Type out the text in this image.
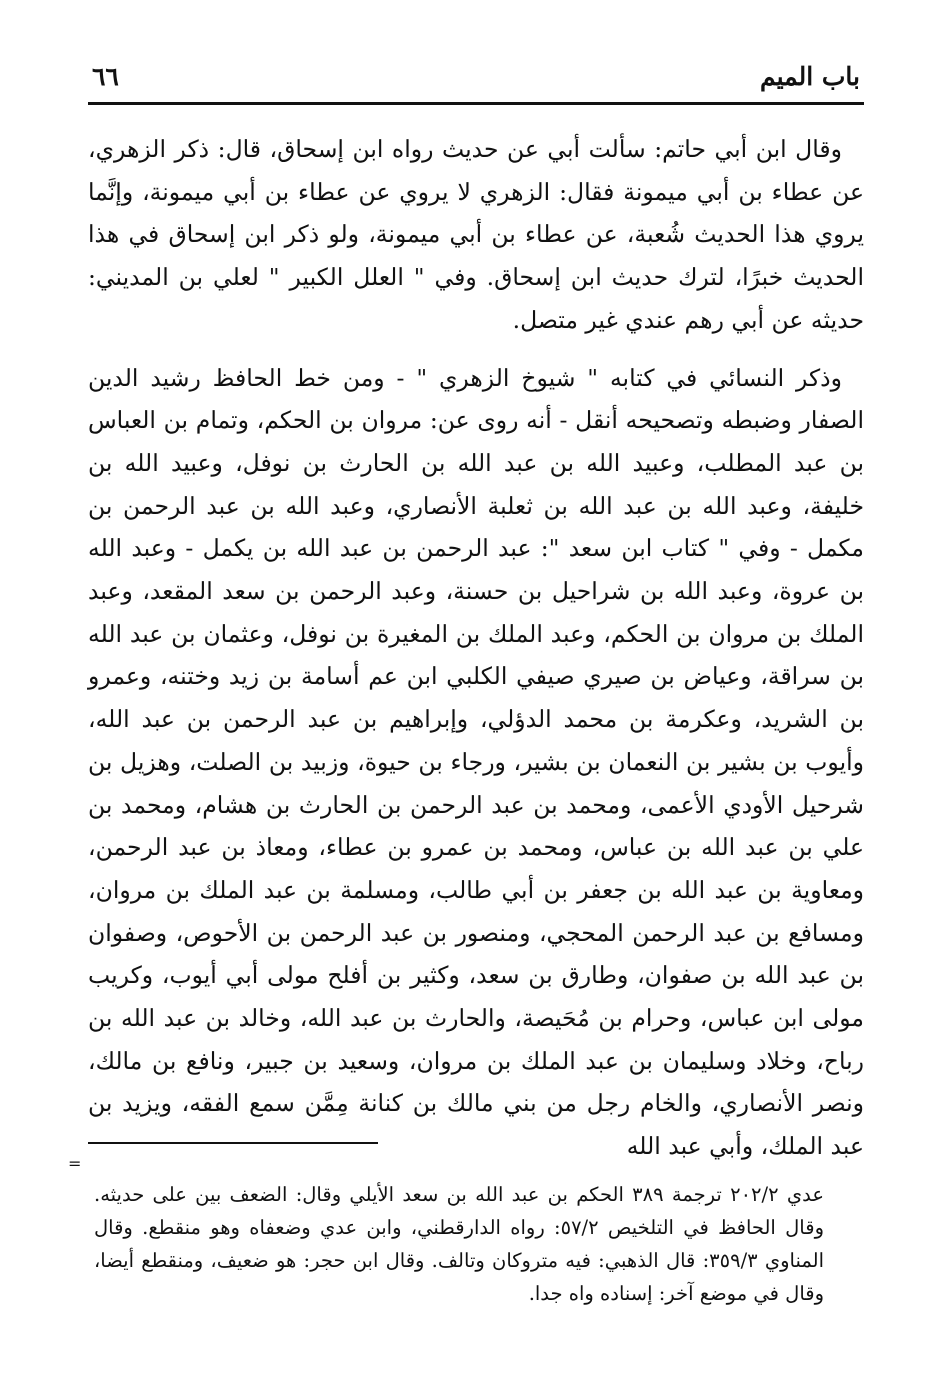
باب الميم
٦٦

وقال ابن أبي حاتم: سألت أبي عن حديث رواه ابن إسحاق، قال: ذكر الزهري، عن عطاء بن أبي ميمونة فقال: الزهري لا يروي عن عطاء بن أبي ميمونة، وإنَّما يروي هذا الحديث شُعبة، عن عطاء بن أبي ميمونة، ولو ذكر ابن إسحاق في هذا الحديث خبرًا، لترك حديث ابن إسحاق. وفي " العلل الكبير " لعلي بن المديني: حديثه عن أبي رهم عندي غير متصل.

وذكر النسائي في كتابه " شيوخ الزهري " - ومن خط الحافظ رشيد الدين الصفار وضبطه وتصحيحه أنقل - أنه روى عن: مروان بن الحكم، وتمام بن العباس بن عبد المطلب، وعبيد الله بن عبد الله بن الحارث بن نوفل، وعبيد الله بن خليفة، وعبد الله بن عبد الله بن ثعلبة الأنصاري، وعبد الله بن عبد الرحمن بن مكمل - وفي " كتاب ابن سعد ": عبد الرحمن بن عبد الله بن يكمل - وعبد الله بن عروة، وعبد الله بن شراحيل بن حسنة، وعبد الرحمن بن سعد المقعد، وعبد الملك بن مروان بن الحكم، وعبد الملك بن المغيرة بن نوفل، وعثمان بن عبد الله بن سراقة، وعياض بن صيري صيفي الكلبي ابن عم أسامة بن زيد وختنه، وعمرو بن الشريد، وعكرمة بن محمد الدؤلي، وإبراهيم بن عبد الرحمن بن عبد الله، وأيوب بن بشير بن النعمان بن بشير، ورجاء بن حيوة، وزبيد بن الصلت، وهزيل بن شرحيل الأودي الأعمى، ومحمد بن عبد الرحمن بن الحارث بن هشام، ومحمد بن علي بن عبد الله بن عباس، ومحمد بن عمرو بن عطاء، ومعاذ بن عبد الرحمن، ومعاوية بن عبد الله بن جعفر بن أبي طالب، ومسلمة بن عبد الملك بن مروان، ومسافع بن عبد الرحمن المحجي، ومنصور بن عبد الرحمن بن الأحوص، وصفوان بن عبد الله بن صفوان، وطارق بن سعد، وكثير بن أفلح مولى أبي أيوب، وكريب مولى ابن عباس، وحرام بن مُحَيصة، والحارث بن عبد الله، وخالد بن عبد الله بن رباح، وخلاد وسليمان بن عبد الملك بن مروان، وسعيد بن جبير، ونافع بن مالك، ونصر الأنصاري، والخام رجل من بني مالك بن كنانة مِمَّن سمع الفقه، ويزيد بن عبد الملك، وأبي عبد الله

=
عدي ٢٠٢/٢ ترجمة ٣٨٩ الحكم بن عبد الله بن سعد الأيلي وقال: الضعف بين على حديثه. وقال الحافظ في التلخيص ٥٧/٢: رواه الدارقطني، وابن عدي وضعفاه وهو منقطع. وقال المناوي ٣٥٩/٣: قال الذهبي: فيه متروكان وتالف. وقال ابن حجر: هو ضعيف، ومنقطع أيضا، وقال في موضع آخر: إسناده واه جدا.
